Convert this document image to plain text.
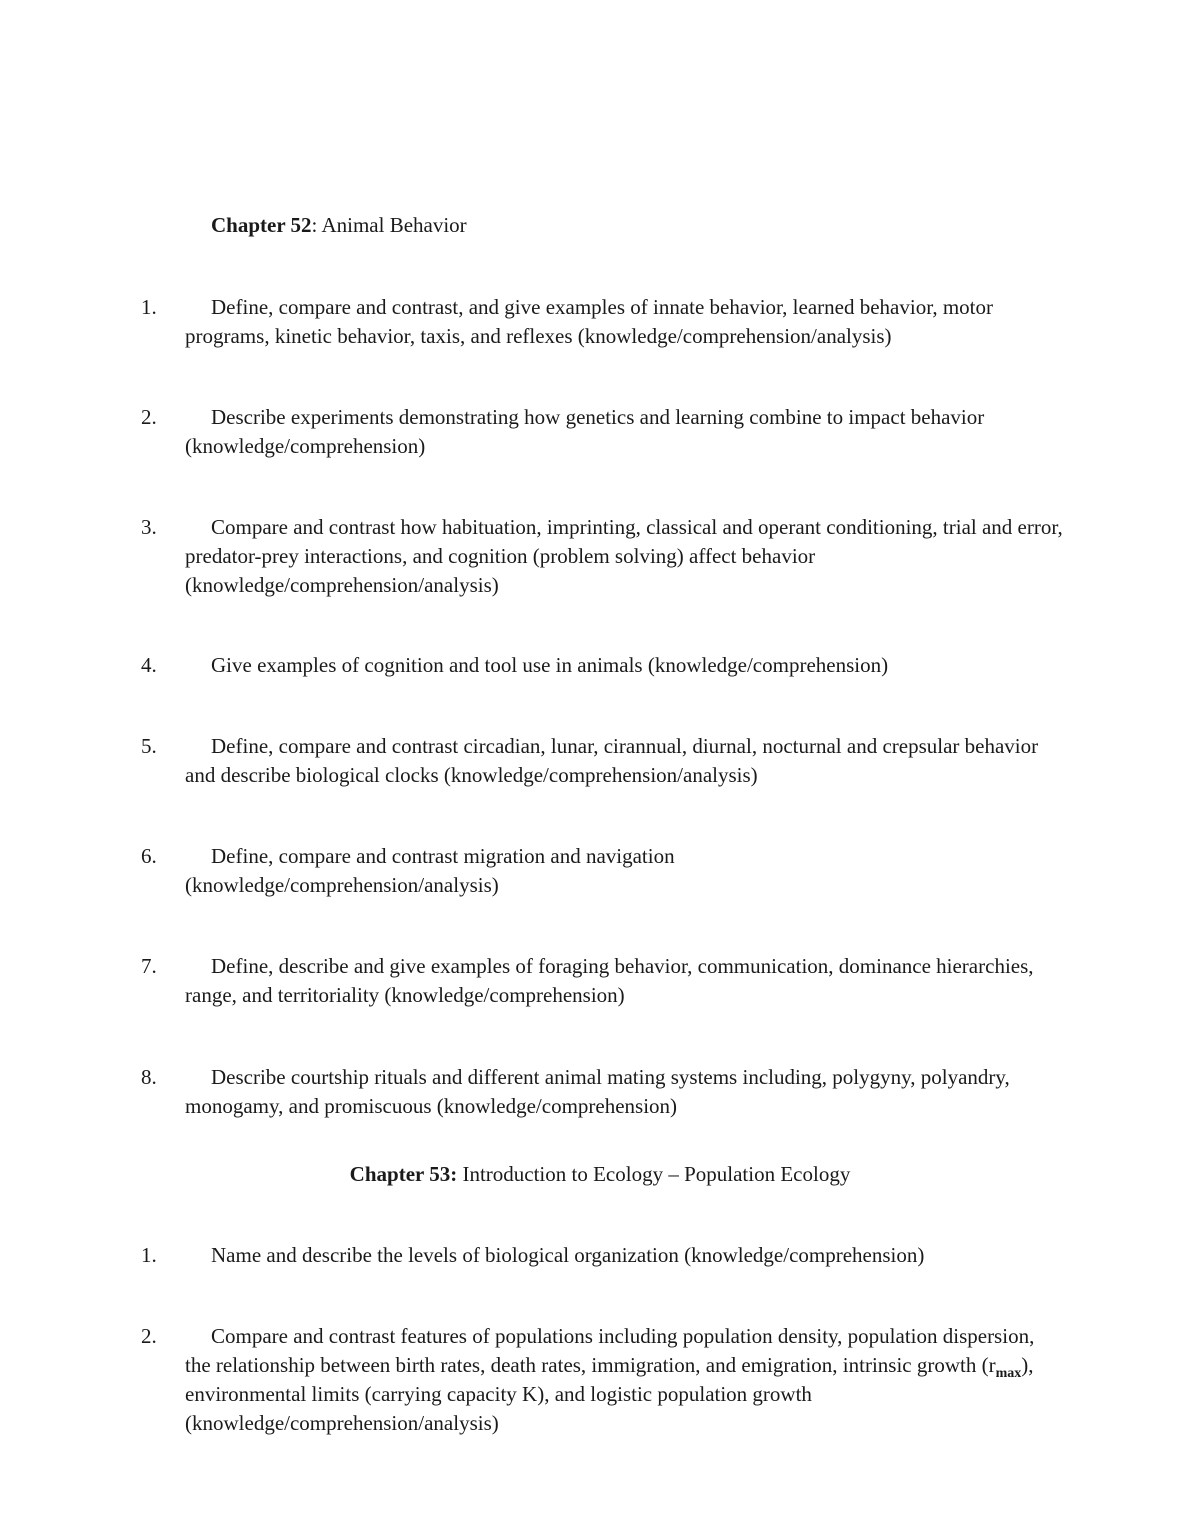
Chapter 52: Animal Behavior
1.	Define, compare and contrast, and give examples of innate behavior, learned behavior, motor programs, kinetic behavior, taxis, and reflexes (knowledge/comprehension/analysis)

2.	Describe experiments demonstrating how genetics and learning combine to impact behavior (knowledge/comprehension)

3.	Compare and contrast how habituation, imprinting, classical and operant conditioning, trial and error, predator-prey interactions, and cognition (problem solving) affect behavior (knowledge/comprehension/analysis)

4.	Give examples of cognition and tool use in animals (knowledge/comprehension)

5.	Define, compare and contrast circadian, lunar, cirannual, diurnal, nocturnal and crepsular behavior and describe biological clocks (knowledge/comprehension/analysis)

6.	Define, compare and contrast migration and navigation (knowledge/comprehension/analysis)

7.	Define, describe and give examples of foraging behavior, communication, dominance hierarchies, range, and territoriality (knowledge/comprehension)

8.	Describe courtship rituals and different animal mating systems including, polygyny, polyandry, monogamy, and promiscuous (knowledge/comprehension)

Chapter 53: Introduction to Ecology – Population Ecology
1.	Name and describe the levels of biological organization (knowledge/comprehension)

2.	Compare and contrast features of populations including population density, population dispersion, the relationship between birth rates, death rates, immigration, and emigration, intrinsic growth $(r_{max})$, environmental limits (carrying capacity K), and logistic population growth (knowledge/comprehension/analysis)
